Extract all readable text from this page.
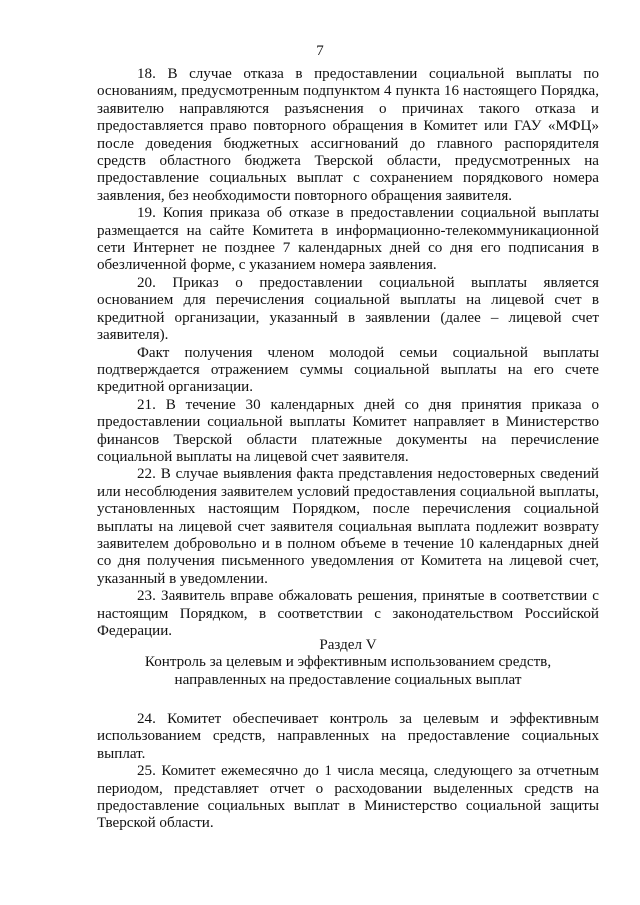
7

18. В случае отказа в предоставлении социальной выплаты по основаниям, предусмотренным подпунктом 4 пункта 16 настоящего Порядка, заявителю направляются разъяснения о причинах такого отказа и предоставляется право повторного обращения в Комитет или ГАУ «МФЦ» после доведения бюджетных ассигнований до главного распорядителя средств областного бюджета Тверской области, предусмотренных на предоставление социальных выплат с сохранением порядкового номера заявления, без необходимости повторного обращения заявителя.

19. Копия приказа об отказе в предоставлении социальной выплаты размещается на сайте Комитета в информационно-телекоммуникационной сети Интернет не позднее 7 календарных дней со дня его подписания в обезличенной форме, с указанием номера заявления.

20. Приказ о предоставлении социальной выплаты является основанием для перечисления социальной выплаты на лицевой счет в кредитной организации, указанный в заявлении (далее – лицевой счет заявителя).

Факт получения членом молодой семьи социальной выплаты подтверждается отражением суммы социальной выплаты на его счете кредитной организации.

21. В течение 30 календарных дней со дня принятия приказа о предоставлении социальной выплаты Комитет направляет в Министерство финансов Тверской области платежные документы на перечисление социальной выплаты на лицевой счет заявителя.

22. В случае выявления факта представления недостоверных сведений или несоблюдения заявителем условий предоставления социальной выплаты, установленных настоящим Порядком, после перечисления социальной выплаты на лицевой счет заявителя социальная выплата подлежит возврату заявителем добровольно и в полном объеме в течение 10 календарных дней со дня получения письменного уведомления от Комитета на лицевой счет, указанный в уведомлении.

23. Заявитель вправе обжаловать решения, принятые в соответствии с настоящим Порядком, в соответствии с законодательством Российской Федерации.

Раздел V
Контроль за целевым и эффективным использованием средств,
направленных на предоставление социальных выплат

24. Комитет обеспечивает контроль за целевым и эффективным использованием средств, направленных на предоставление социальных выплат.

25. Комитет ежемесячно до 1 числа месяца, следующего за отчетным периодом, представляет отчет о расходовании выделенных средств на предоставление социальных выплат в Министерство социальной защиты Тверской области.
